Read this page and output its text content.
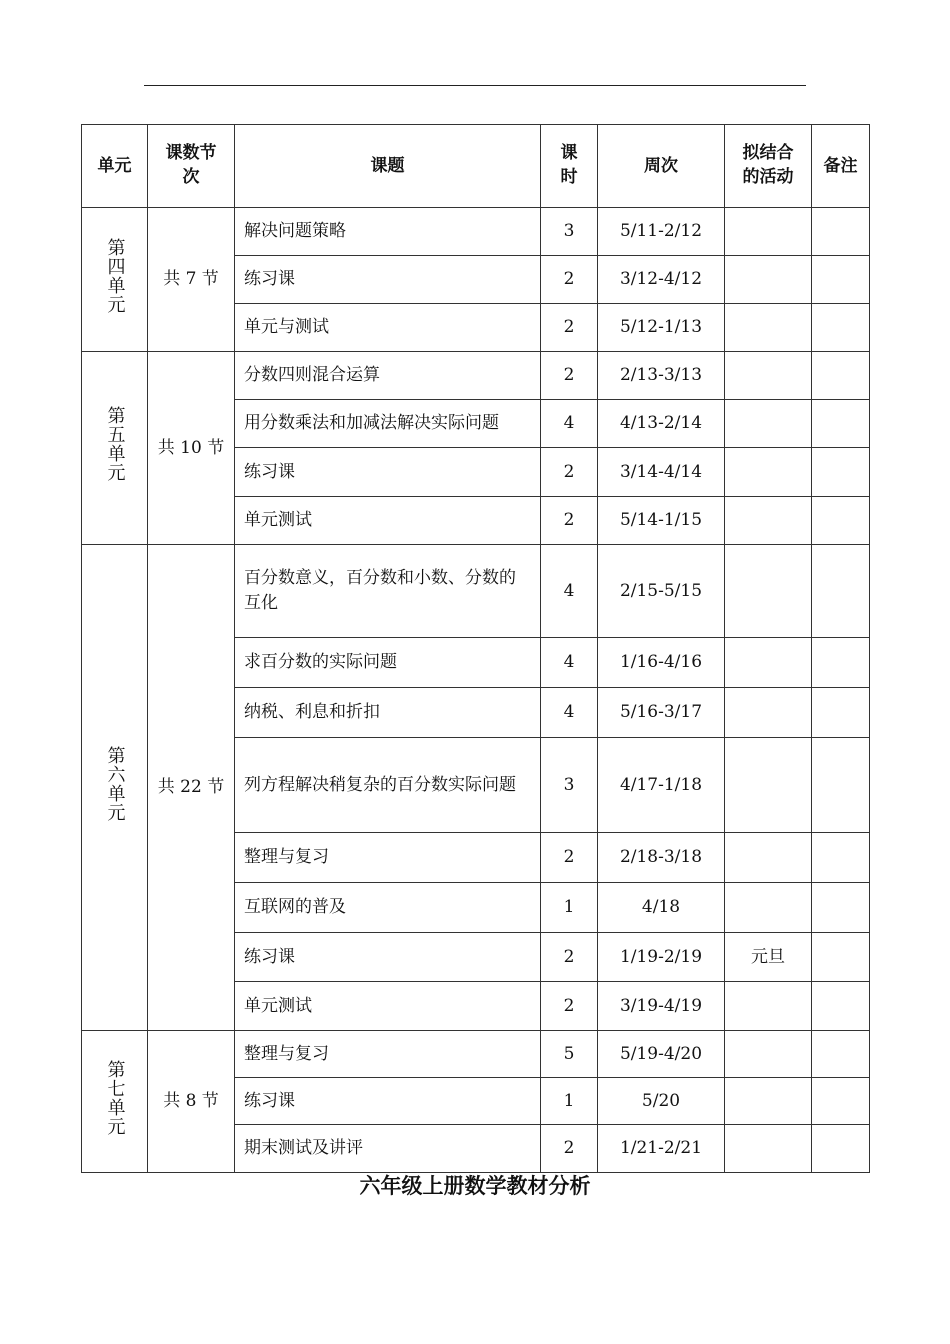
单元	课数节次	课题	课时	周次	拟结合的活动	备注
第四单元	共 7 节	解决问题策略	3	5/11-2/12		
		练习课	2	3/12-4/12		
		单元与测试	2	5/12-1/13		
第五单元	共 10 节	分数四则混合运算	2	2/13-3/13		
		用分数乘法和加减法解决实际问题	4	4/13-2/14		
		练习课	2	3/14-4/14		
		单元测试	2	5/14-1/15		
第六单元	共 22 节	百分数意义，百分数和小数、分数的互化	4	2/15-5/15		
		求百分数的实际问题	4	1/16-4/16		
		纳税、利息和折扣	4	5/16-3/17		
		列方程解决稍复杂的百分数实际问题	3	4/17-1/18		
		整理与复习	2	2/18-3/18		
		互联网的普及	1	4/18		
		练习课	2	1/19-2/19	元旦	
		单元测试	2	3/19-4/19		
第七单元	共 8 节	整理与复习	5	5/19-4/20		
		练习课	1	5/20		
		期末测试及讲评	2	1/21-2/21		
六年级上册数学教材分析
